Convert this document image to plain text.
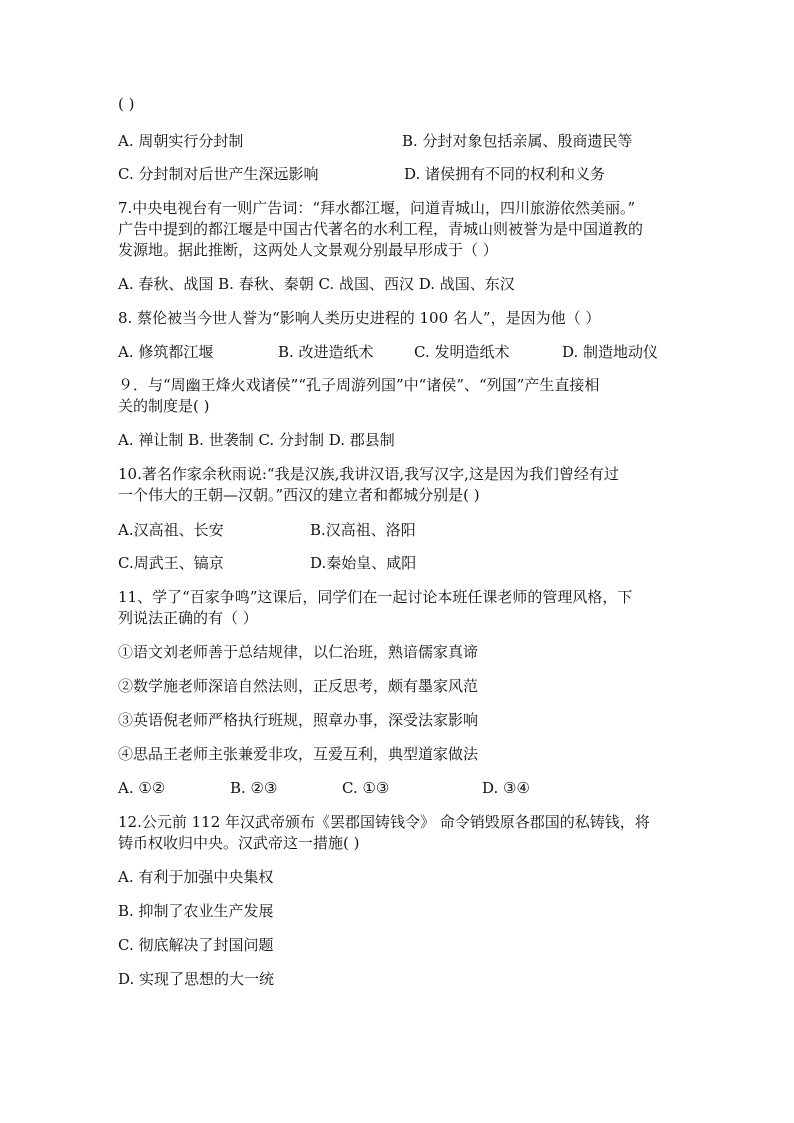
( )
A. 周朝实行分封制	B. 分封对象包括亲属、殷商遗民等
C. 分封制对后世产生深远影响	D. 诸侯拥有不同的权利和义务
7.中央电视台有一则广告词：“拜水都江堰，问道青城山，四川旅游依然美丽。”
广告中提到的都江堰是中国古代著名的水利工程，青城山则被誉为是中国道教的
发源地。据此推断，这两处人文景观分别最早形成于（ ）
A. 春秋、战国 B. 春秋、秦朝 C. 战国、西汉 D. 战国、东汉
8. 蔡伦被当今世人誉为“影响人类历史进程的 100 名人”，是因为他（ ）
A. 修筑都江堰	B. 改进造纸术	C. 发明造纸术	D. 制造地动仪
９．与“周幽王烽火戏诸侯”“孔子周游列国”中“诸侯”、“列国”产生直接相
关的制度是( )
A. 禅让制 B. 世袭制 C. 分封制 D. 郡县制
10.著名作家余秋雨说:“我是汉族,我讲汉语,我写汉字,这是因为我们曾经有过
一个伟大的王朝—汉朝。”西汉的建立者和都城分别是( )
A.汉高祖、长安	B.汉高祖、洛阳
C.周武王、镐京	D.秦始皇、咸阳
11、学了“百家争鸣”这课后，同学们在一起讨论本班任课老师的管理风格，下
列说法正确的有（ ）
①语文刘老师善于总结规律，以仁治班，熟谙儒家真谛
②数学施老师深谙自然法则，正反思考，颇有墨家风范
③英语倪老师严格执行班规，照章办事，深受法家影响
④思品王老师主张兼爱非攻，互爱互利，典型道家做法
A. ①②	B. ②③	C. ①③	D. ③④
12.公元前 112 年汉武帝颁布《罢郡国铸钱令》 命令销毁原各郡国的私铸钱，将
铸币权收归中央。汉武帝这一措施( )
A. 有利于加强中央集权
B. 抑制了农业生产发展
C. 彻底解决了封国问题
D. 实现了思想的大一统
